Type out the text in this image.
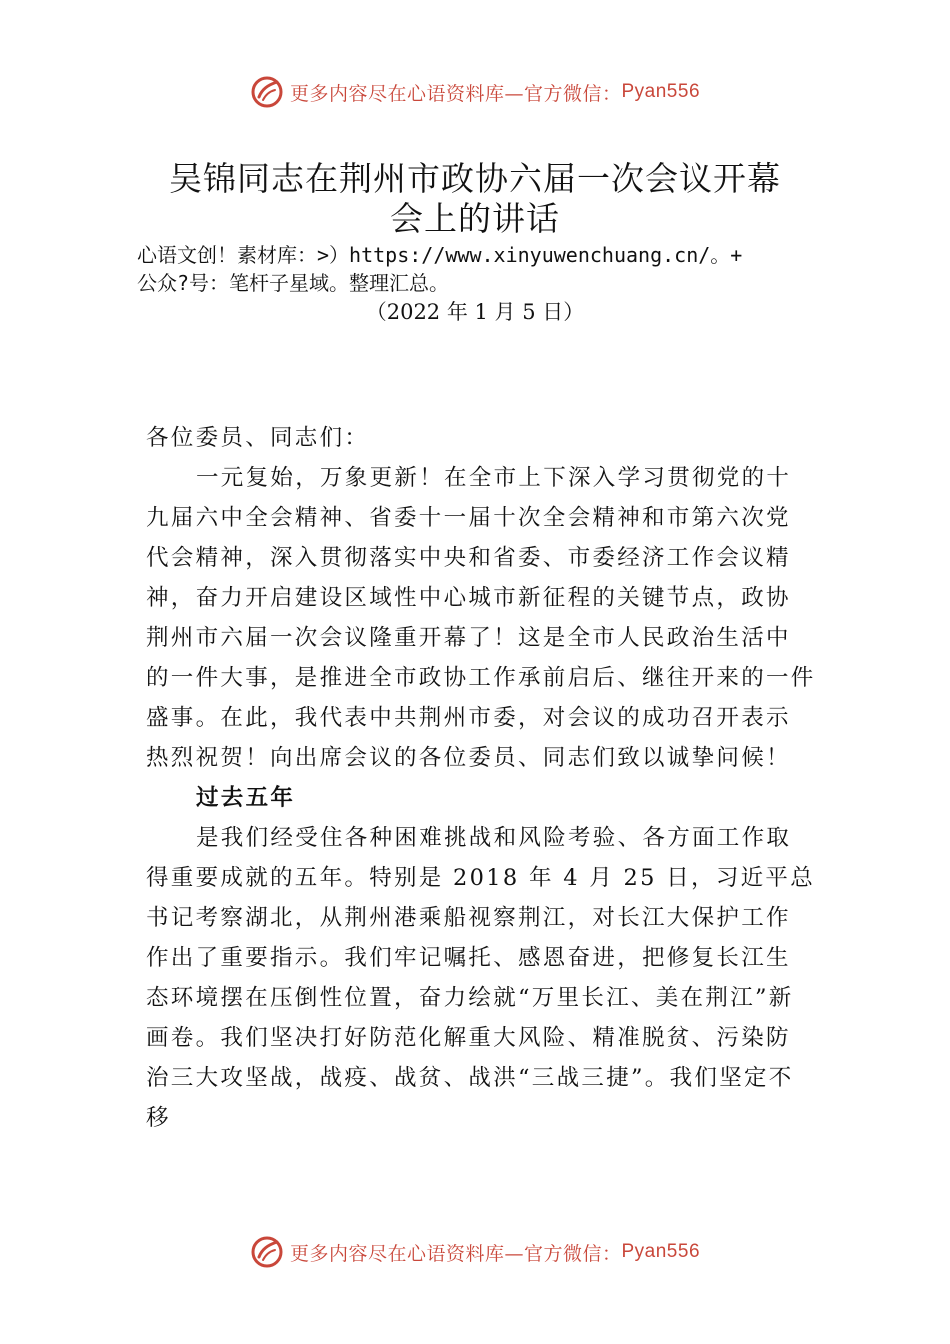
更多内容尽在心语资料库—官方微信： Pyan556
吴锦同志在荆州市政协六届一次会议开幕
会上的讲话
心语文创！素材库：>）https://www.xinyuwenchuang.cn/。+
公众?号：笔杆子星域。整理汇总。
（2022 年 1 月 5 日）
各位委员、同志们：
一元复始，万象更新！在全市上下深入学习贯彻党的十
九届六中全会精神、省委十一届十次全会精神和市第六次党
代会精神，深入贯彻落实中央和省委、市委经济工作会议精
神，奋力开启建设区域性中心城市新征程的关键节点，政协
荆州市六届一次会议隆重开幕了！这是全市人民政治生活中
的一件大事，是推进全市政协工作承前启后、继往开来的一件
盛事。在此，我代表中共荆州市委，对会议的成功召开表示
热烈祝贺！向出席会议的各位委员、同志们致以诚挚问候！
过去五年
是我们经受住各种困难挑战和风险考验、各方面工作取
得重要成就的五年。特别是 2018 年 4 月 25 日，习近平总
书记考察湖北，从荆州港乘船视察荆江，对长江大保护工作
作出了重要指示。我们牢记嘱托、感恩奋进，把修复长江生
态环境摆在压倒性位置，奋力绘就“万里长江、美在荆江”新
画卷。我们坚决打好防范化解重大风险、精准脱贫、污染防
治三大攻坚战，战疫、战贫、战洪“三战三捷”。我们坚定不
移
更多内容尽在心语资料库—官方微信： Pyan556
